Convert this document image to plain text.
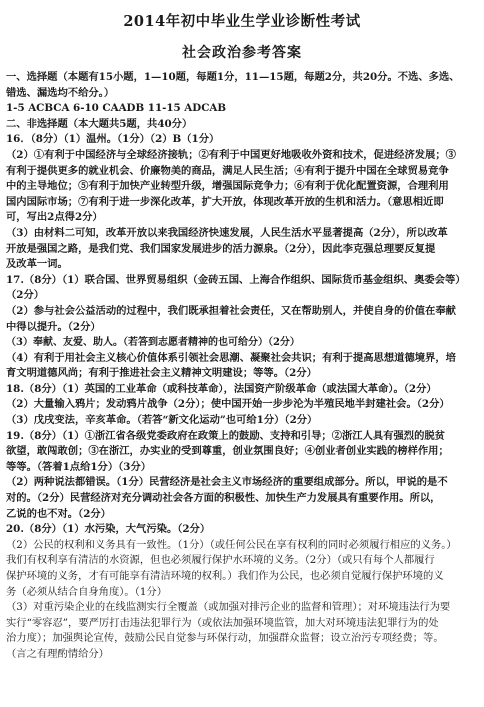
2014年初中毕业生学业诊断性考试
社会政治参考答案
一、选择题（本题有15小题，1—10题，每题1分，11—15题，每题2分，共20分。不选、多选、
错选、漏选均不给分。）
1-5 ACBCA 6-10 CAADB 11-15 ADCAB
二、非选择题（本大题共5题，共40分）
16．（8分）（1）温州。（1分）（2）B（1分）
（2）①有利于中国经济与全球经济接轨；②有利于中国更好地吸收外资和技术，促进经济发展；③
有利于提供更多的就业机会、价廉物美的商品，满足人民生活；④有利于提升中国在全球贸易竞争
中的主导地位；⑤有利于加快产业转型升级，增强国际竞争力；⑥有利于优化配置资源，合理利用
国内国际市场；⑦有利于进一步深化改革，扩大开放，体现改革开放的生机和活力。（意思相近即
可，写出2点得2分）
（3）由材料二可知，改革开放以来我国经济快速发展，人民生活水平显著提高（2分），所以改革
开放是强国之路，是我们党、我们国家发展进步的活力源泉。（2分），因此李克强总理要反复提
及改革一词。
17.（8分）（1）联合国、世界贸易组织（金砖五国、上海合作组织、国际货币基金组织、奥委会等）
（2分）
（2）参与社会公益活动的过程中，我们既承担着社会责任，又在帮助别人，并使自身的价值在奉献
中得以提升。（2分）
（3）奉献、友爱、助人。（若答到志愿者精神的也可给分）（2分）
（4）有利于用社会主义核心价值体系引领社会思潮、凝聚社会共识；有利于提高思想道德境界，培
育文明道德风尚；有利于推进社会主义精神文明建设；等等。（2分）
18.（8分）（1）英国的工业革命（或科技革命），法国资产阶级革命（或法国大革命）。（2分）
（2）大量输入鸦片；发动鸦片战争（2分）；使中国开始一步步沦为半殖民地半封建社会。（2分）
（3）戊戌变法，辛亥革命。（若答“新文化运动”也可给1分）（2分）
19.（8分）（1）①浙江省各级党委政府在政策上的鼓励、支持和引导；②浙江人具有强烈的脱贫
欲望，敢闯敢创；③在浙江，办实业的受到尊重，创业氛围良好；④创业者创业实践的榜样作用；
等等。（答着1点给1分）（3分）
（2）两种说法都错误。（1分）民营经济是社会主义市场经济的重要组成部分。所以，甲说的是不
对的。（2分）民营经济对充分调动社会各方面的积极性、加快生产力发展具有重要作用。所以，
乙说的也不对。（2分）
20.（8分）（1）水污染，大气污染。（2分）
（2）公民的权利和义务具有一致性。（1分）（或任何公民在享有权利的同时必须履行相应的义务。）
我们有权利享有清洁的水资源，但也必须履行保护水环境的义务。（2分）（或只有每个人都履行
保护环境的义务，才有可能享有清洁环境的权利。）我们作为公民，也必须自觉履行保护环境的义
务（必须从结合自身角度）。（1分）
（3）对重污染企业的在线监测实行全覆盖（或加强对排污企业的监督和管理）；对环境违法行为要
实行“零容忍”，要严厉打击违法犯罪行为（或依法加强环境监管，加大对环境违法犯罪行为的处
治力度）；加强舆论宣传，鼓励公民自觉参与环保行动，加强群众监督；设立治污专项经费；等。
（言之有理酌情给分）
